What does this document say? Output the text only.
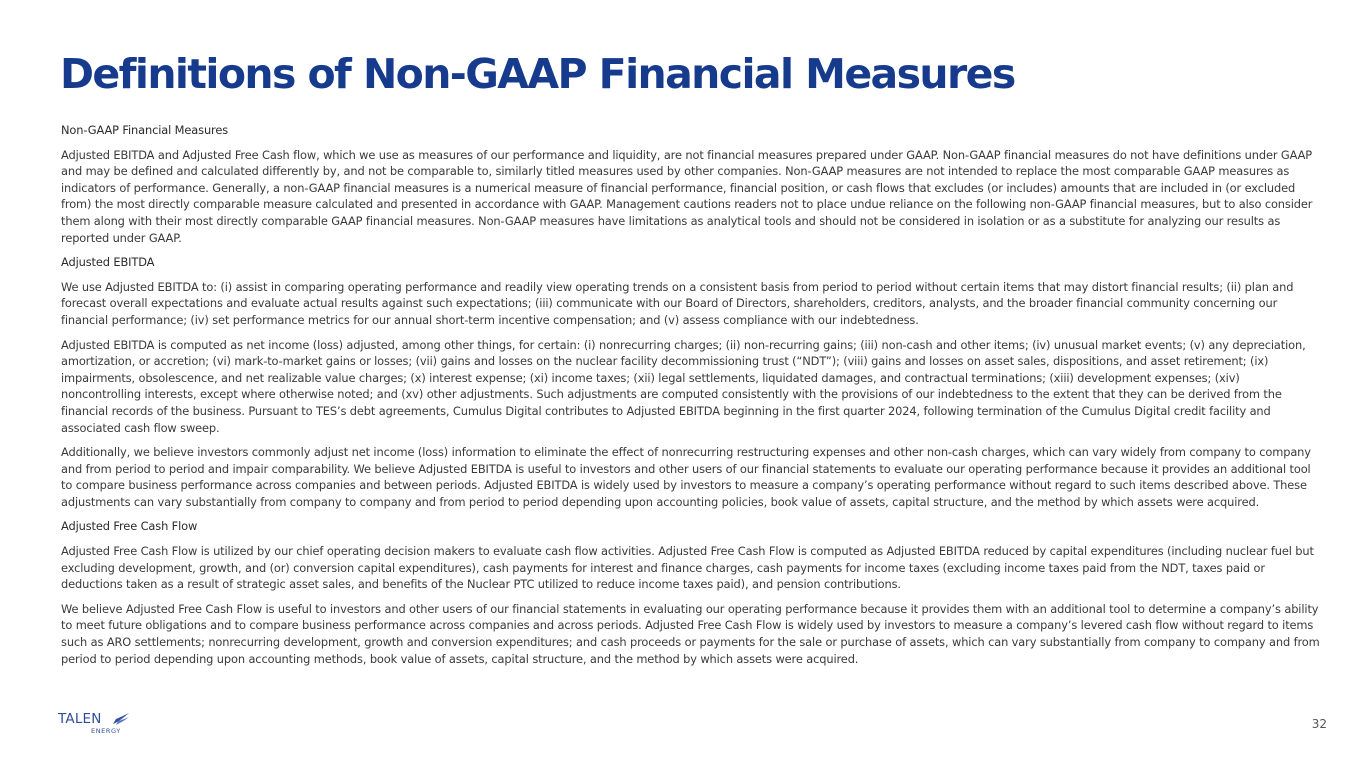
Definitions of Non-GAAP Financial Measures
Non-GAAP Financial Measures

Adjusted EBITDA and Adjusted Free Cash flow, which we use as measures of our performance and liquidity, are not financial measures prepared under GAAP. Non-GAAP financial measures do not have definitions under GAAP and may be defined and calculated differently by, and not be comparable to, similarly titled measures used by other companies. Non-GAAP measures are not intended to replace the most comparable GAAP measures as indicators of performance. Generally, a non-GAAP financial measures is a numerical measure of financial performance, financial position, or cash flows that excludes (or includes) amounts that are included in (or excluded from) the most directly comparable measure calculated and presented in accordance with GAAP. Management cautions readers not to place undue reliance on the following non-GAAP financial measures, but to also consider them along with their most directly comparable GAAP financial measures. Non-GAAP measures have limitations as analytical tools and should not be considered in isolation or as a substitute for analyzing our results as reported under GAAP.

Adjusted EBITDA

We use Adjusted EBITDA to: (i) assist in comparing operating performance and readily view operating trends on a consistent basis from period to period without certain items that may distort financial results; (ii) plan and forecast overall expectations and evaluate actual results against such expectations; (iii) communicate with our Board of Directors, shareholders, creditors, analysts, and the broader financial community concerning our financial performance; (iv) set performance metrics for our annual short-term incentive compensation; and (v) assess compliance with our indebtedness.

Adjusted EBITDA is computed as net income (loss) adjusted, among other things, for certain: (i) nonrecurring charges; (ii) non-recurring gains; (iii) non-cash and other items; (iv) unusual market events; (v) any depreciation, amortization, or accretion; (vi) mark-to-market gains or losses; (vii) gains and losses on the nuclear facility decommissioning trust (“NDT”); (viii) gains and losses on asset sales, dispositions, and asset retirement; (ix) impairments, obsolescence, and net realizable value charges; (x) interest expense; (xi) income taxes; (xii) legal settlements, liquidated damages, and contractual terminations; (xiii) development expenses; (xiv) noncontrolling interests, except where otherwise noted; and (xv) other adjustments. Such adjustments are computed consistently with the provisions of our indebtedness to the extent that they can be derived from the financial records of the business. Pursuant to TES’s debt agreements, Cumulus Digital contributes to Adjusted EBITDA beginning in the first quarter 2024, following termination of the Cumulus Digital credit facility and associated cash flow sweep.

Additionally, we believe investors commonly adjust net income (loss) information to eliminate the effect of nonrecurring restructuring expenses and other non-cash charges, which can vary widely from company to company and from period to period and impair comparability. We believe Adjusted EBITDA is useful to investors and other users of our financial statements to evaluate our operating performance because it provides an additional tool to compare business performance across companies and between periods. Adjusted EBITDA is widely used by investors to measure a company’s operating performance without regard to such items described above. These adjustments can vary substantially from company to company and from period to period depending upon accounting policies, book value of assets, capital structure, and the method by which assets were acquired.

Adjusted Free Cash Flow

Adjusted Free Cash Flow is utilized by our chief operating decision makers to evaluate cash flow activities. Adjusted Free Cash Flow is computed as Adjusted EBITDA reduced by capital expenditures (including nuclear fuel but excluding development, growth, and (or) conversion capital expenditures), cash payments for interest and finance charges, cash payments for income taxes (excluding income taxes paid from the NDT, taxes paid or deductions taken as a result of strategic asset sales, and benefits of the Nuclear PTC utilized to reduce income taxes paid), and pension contributions.

We believe Adjusted Free Cash Flow is useful to investors and other users of our financial statements in evaluating our operating performance because it provides them with an additional tool to determine a company’s ability to meet future obligations and to compare business performance across companies and across periods. Adjusted Free Cash Flow is widely used by investors to measure a company’s levered cash flow without regard to items such as ARO settlements; nonrecurring development, growth and conversion expenditures; and cash proceeds or payments for the sale or purchase of assets, which can vary substantially from company to company and from period to period depending upon accounting methods, book value of assets, capital structure, and the method by which assets were acquired.

TALEN
ENERGY	32
